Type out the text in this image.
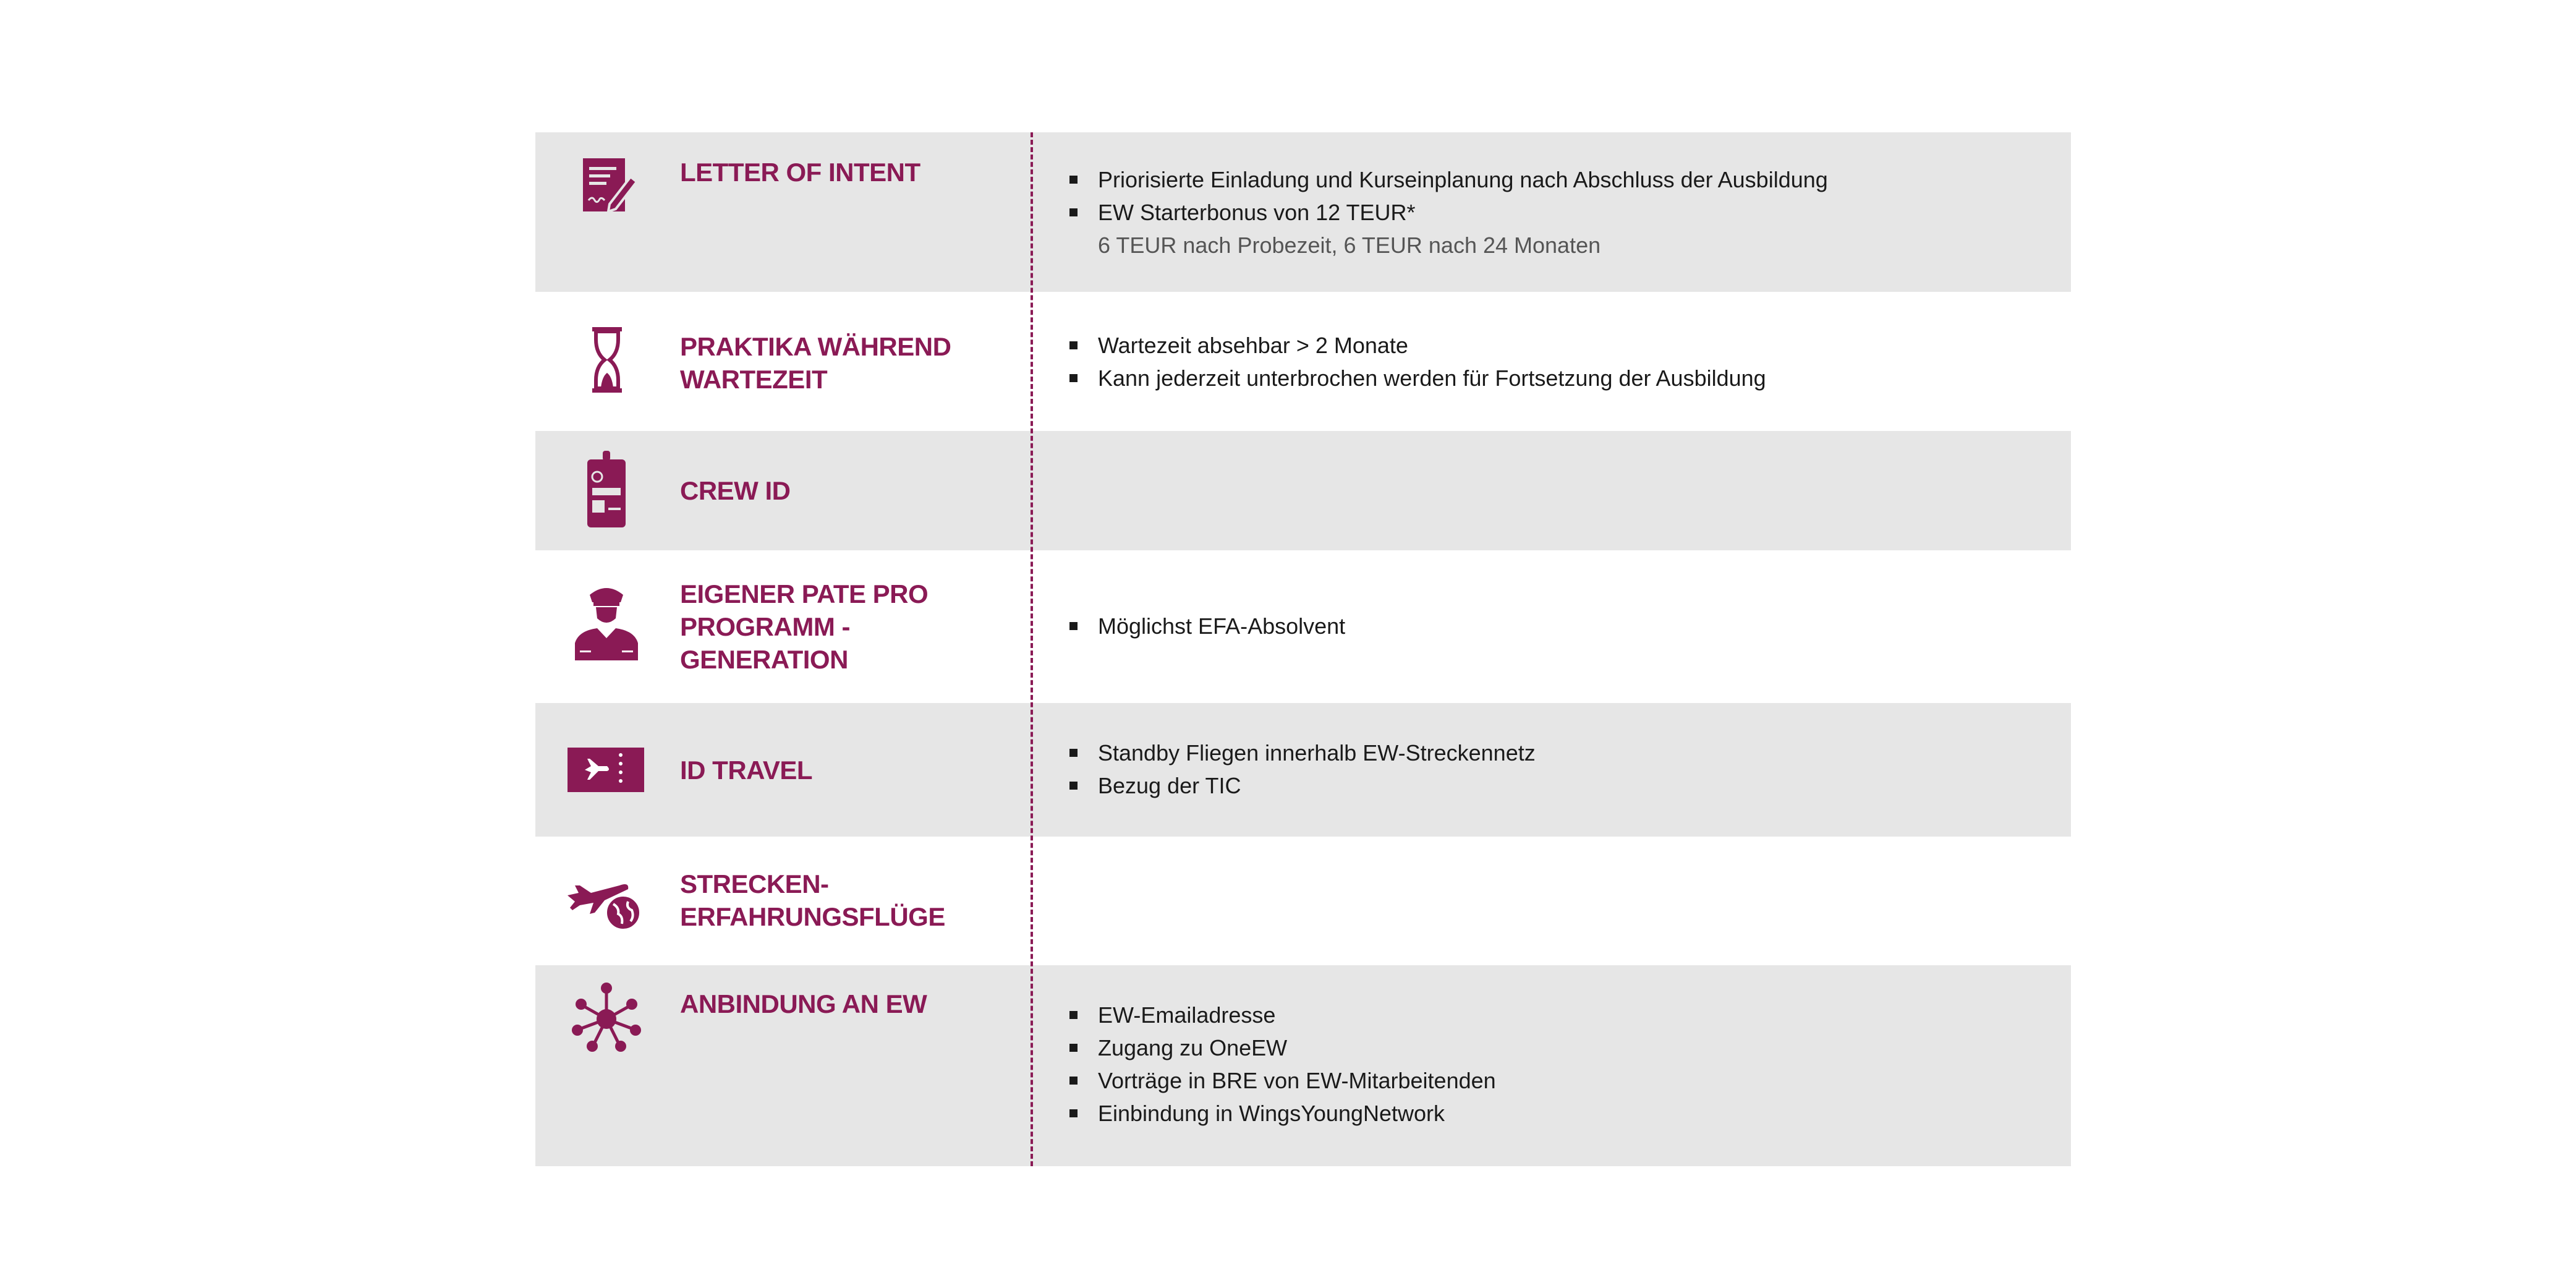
LETTER OF INTENT	Priorisierte Einladung und Kurseinplanung nach Abschluss der Ausbildung
EW Starterbonus von 12 TEUR*
6 TEUR nach Probezeit, 6 TEUR nach 24 Monaten
PRAKTIKA WÄHREND
WARTEZEIT
Wartezeit absehbar > 2 Monate
Kann jederzeit unterbrochen werden für Fortsetzung der Ausbildung
CREW ID
EIGENER PATE PRO
PROGRAMM -
GENERATION
Möglichst EFA-Absolvent
ID TRAVEL
Standby Fliegen innerhalb EW-Streckennetz
Bezug der TIC
STRECKEN-
ERFAHRUNGSFLÜGE
ANBINDUNG AN EW	EW-Emailadresse
Zugang zu OneEW
Vorträge in BRE von EW-Mitarbeitenden
Einbindung in WingsYoungNetwork
